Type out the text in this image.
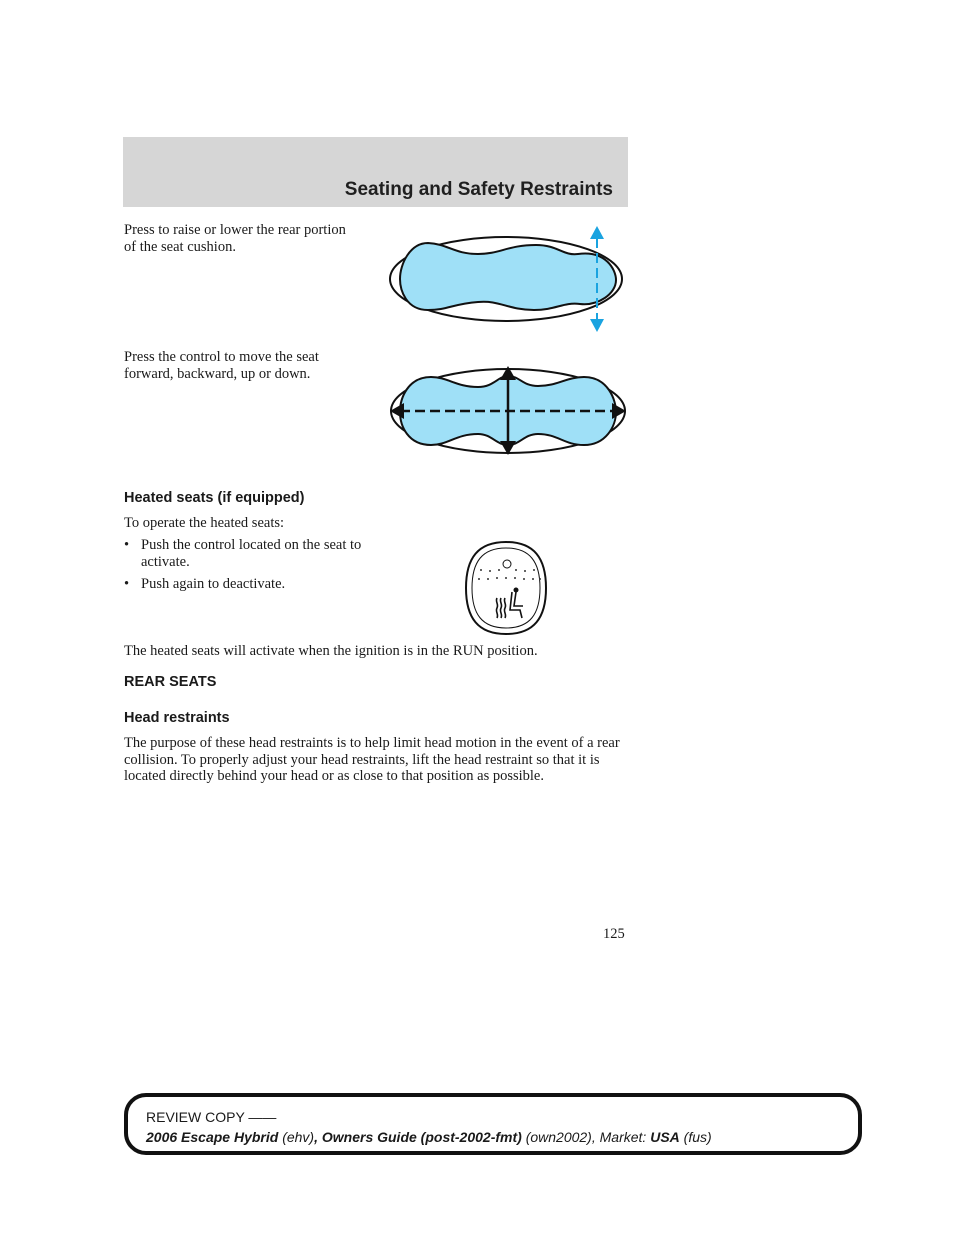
Seating and Safety Restraints
Press to raise or lower the rear portion of the seat cushion.
Press the control to move the seat forward, backward, up or down.
Heated seats (if equipped)
To operate the heated seats:
• Push the control located on the seat to activate.
• Push again to deactivate.
The heated seats will activate when the ignition is in the RUN position.
REAR SEATS
Head restraints
The purpose of these head restraints is to help limit head motion in the event of a rear collision. To properly adjust your head restraints, lift the head restraint so that it is located directly behind your head or as close to that position as possible.
125
REVIEW COPY ——
2006 Escape Hybrid (ehv), Owners Guide (post-2002-fmt) (own2002), Market: USA (fus)
